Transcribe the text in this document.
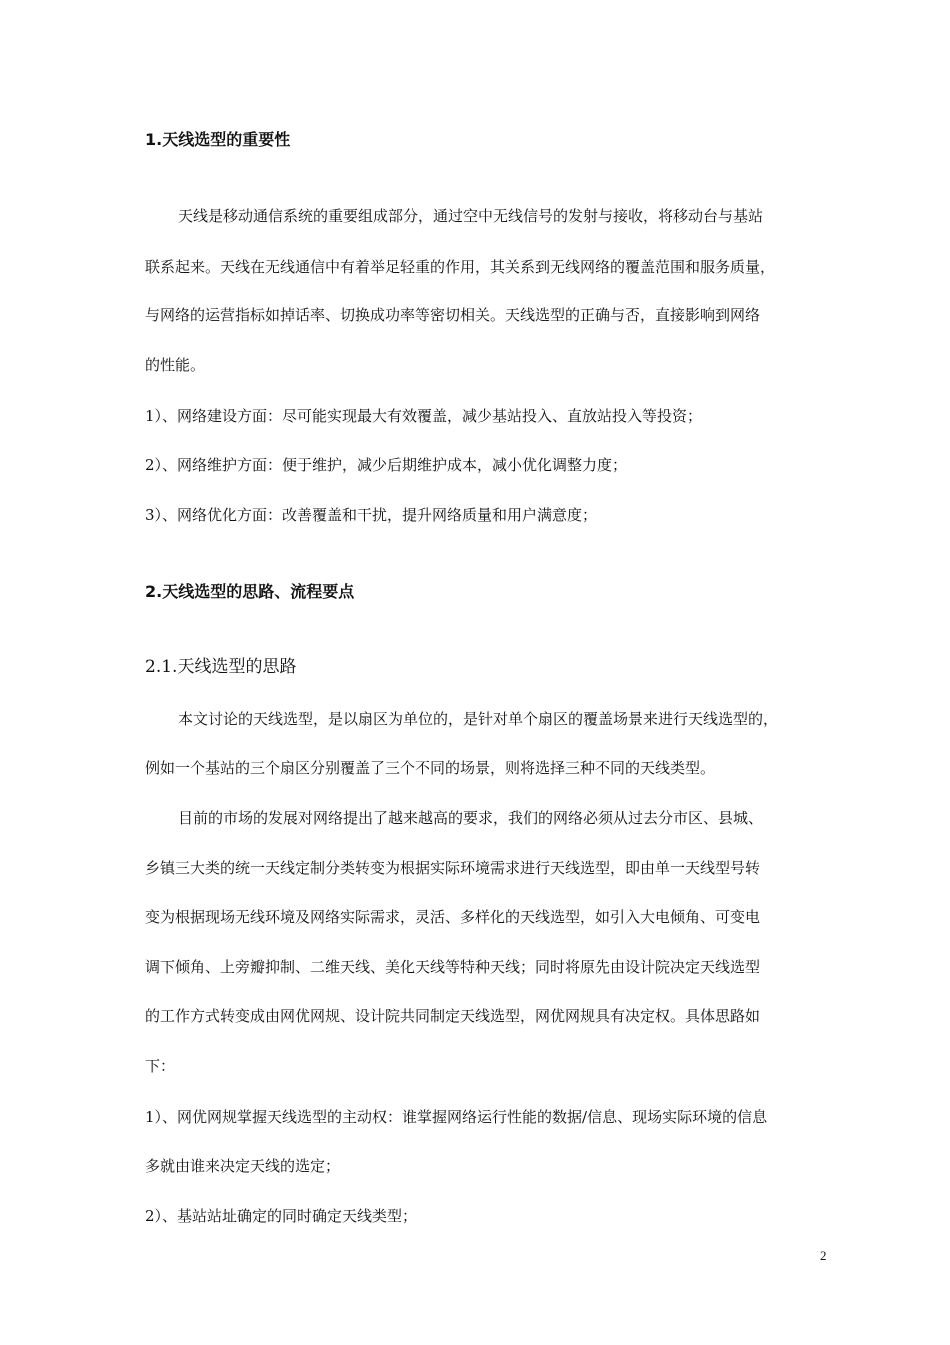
1.天线选型的重要性
天线是移动通信系统的重要组成部分，通过空中无线信号的发射与接收，将移动台与基站
联系起来。天线在无线通信中有着举足轻重的作用，其关系到无线网络的覆盖范围和服务质量，
与网络的运营指标如掉话率、切换成功率等密切相关。天线选型的正确与否，直接影响到网络
的性能。
1）、网络建设方面：尽可能实现最大有效覆盖，减少基站投入、直放站投入等投资；
2）、网络维护方面：便于维护，减少后期维护成本，减小优化调整力度；
3）、网络优化方面：改善覆盖和干扰，提升网络质量和用户满意度；
2.天线选型的思路、流程要点
2.1.天线选型的思路
本文讨论的天线选型，是以扇区为单位的，是针对单个扇区的覆盖场景来进行天线选型的，
例如一个基站的三个扇区分别覆盖了三个不同的场景，则将选择三种不同的天线类型。
目前的市场的发展对网络提出了越来越高的要求，我们的网络必须从过去分市区、县城、
乡镇三大类的统一天线定制分类转变为根据实际环境需求进行天线选型，即由单一天线型号转
变为根据现场无线环境及网络实际需求，灵活、多样化的天线选型，如引入大电倾角、可变电
调下倾角、上旁瓣抑制、二维天线、美化天线等特种天线；同时将原先由设计院决定天线选型
的工作方式转变成由网优网规、设计院共同制定天线选型，网优网规具有决定权。具体思路如
下：
1）、网优网规掌握天线选型的主动权：谁掌握网络运行性能的数据/信息、现场实际环境的信息
多就由谁来决定天线的选定；
2）、基站站址确定的同时确定天线类型；
2
